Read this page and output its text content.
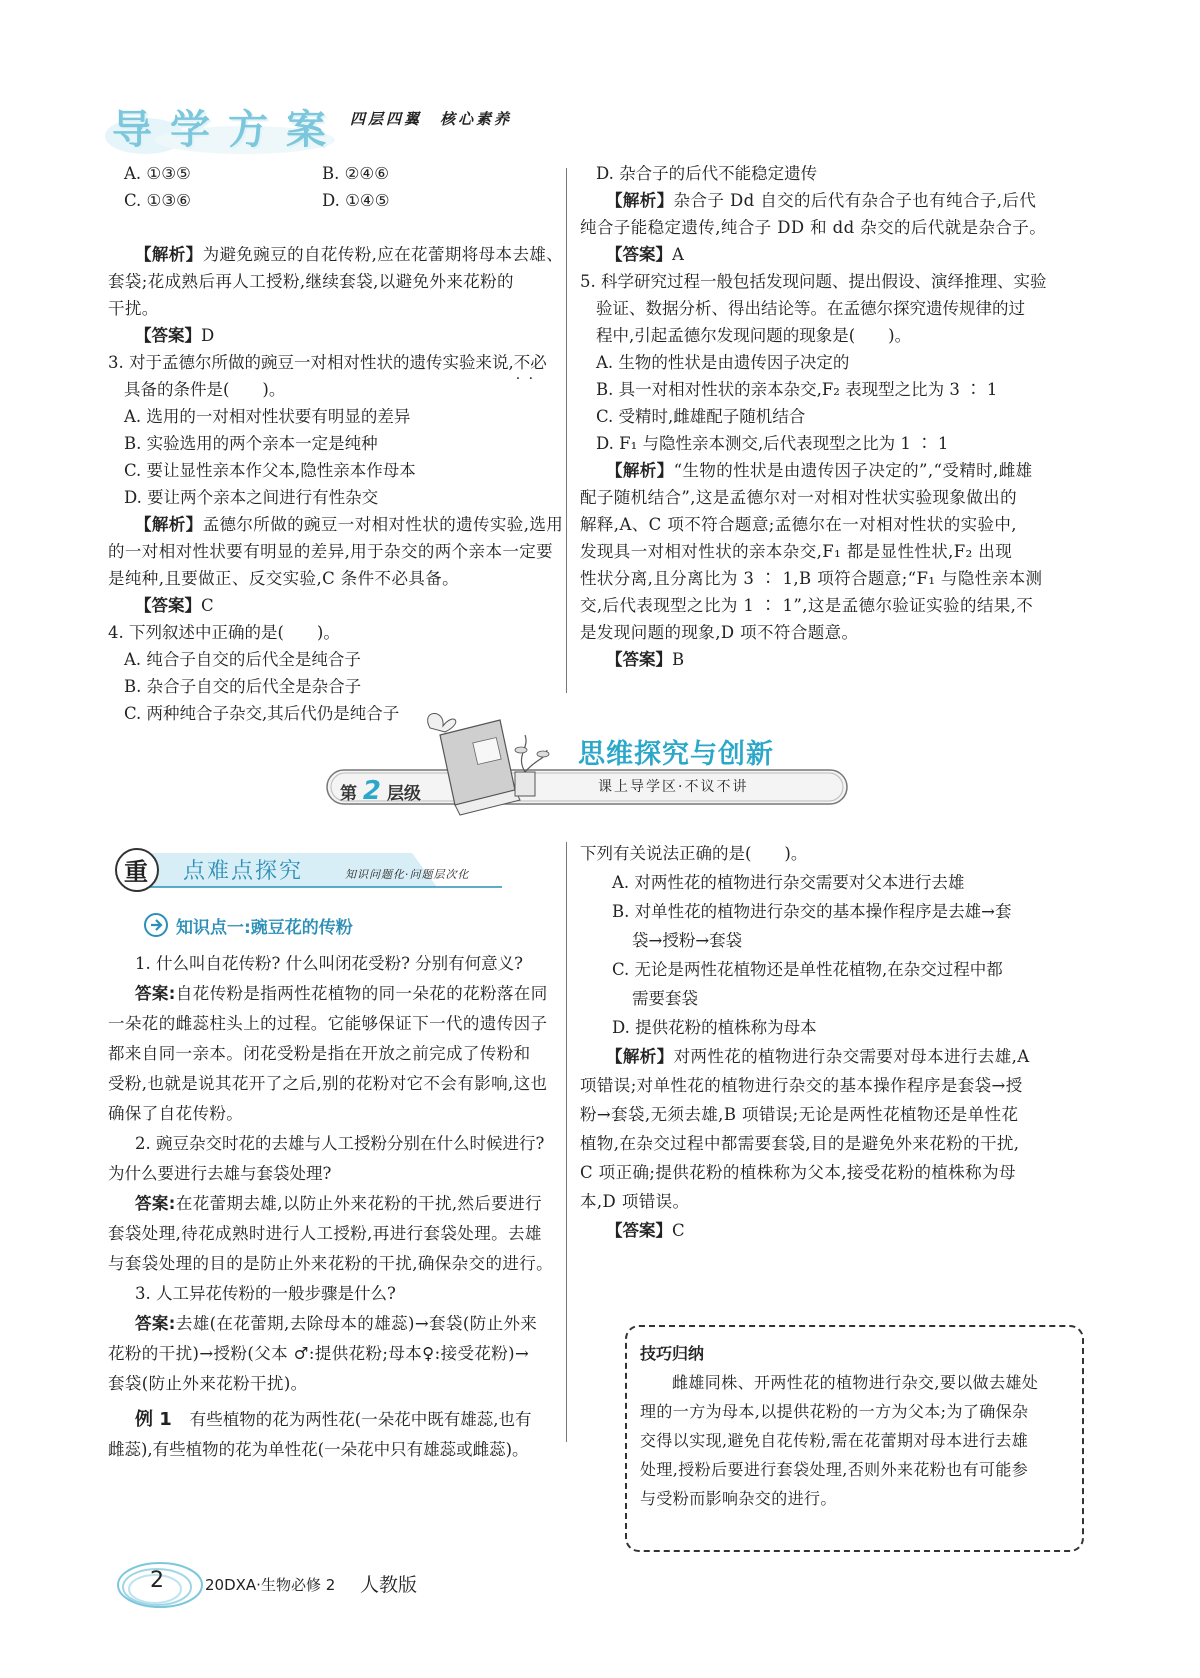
导学方案 四层四翼　核心素养
A. ①③⑤	B. ②④⑥
C. ①③⑥	D. ①④⑤
【解析】为避免豌豆的自花传粉,应在花蕾期将母本去雄、
套袋;花成熟后再人工授粉,继续套袋,以避免外来花粉的
干扰。
【答案】D
3. 对于孟德尔所做的豌豆一对相对性状的遗传实验来说,不必 · ·
具备的条件是(　　)。
A. 选用的一对相对性状要有明显的差异
B. 实验选用的两个亲本一定是纯种
C. 要让显性亲本作父本,隐性亲本作母本
D. 要让两个亲本之间进行有性杂交
【解析】孟德尔所做的豌豆一对相对性状的遗传实验,选用
的一对相对性状要有明显的差异,用于杂交的两个亲本一定要
是纯种,且要做正、反交实验,C 条件不必具备。
【答案】C
4. 下列叙述中正确的是(　　)。
A. 纯合子自交的后代全是纯合子
B. 杂合子自交的后代全是杂合子
C. 两种纯合子杂交,其后代仍是纯合子
D. 杂合子的后代不能稳定遗传
【解析】杂合子 Dd 自交的后代有杂合子也有纯合子,后代
纯合子能稳定遗传,纯合子 DD 和 dd 杂交的后代就是杂合子。
【答案】A
5. 科学研究过程一般包括发现问题、提出假设、演绎推理、实验
验证、数据分析、得出结论等。在孟德尔探究遗传规律的过
程中,引起孟德尔发现问题的现象是(　　)。
A. 生物的性状是由遗传因子决定的
B. 具一对相对性状的亲本杂交,F₂ 表现型之比为 3 ∶ 1
C. 受精时,雌雄配子随机结合
D. F₁ 与隐性亲本测交,后代表现型之比为 1 ∶ 1
【解析】“生物的性状是由遗传因子决定的”,“受精时,雌雄
配子随机结合”,这是孟德尔对一对相对性状实验现象做出的
解释,A、C 项不符合题意;孟德尔在一对相对性状的实验中,
发现具一对相对性状的亲本杂交,F₁ 都是显性性状,F₂ 出现
性状分离,且分离比为 3 ∶ 1,B 项符合题意;“F₁ 与隐性亲本测
交,后代表现型之比为 1 ∶ 1”,这是孟德尔验证实验的结果,不
是发现问题的现象,D 项不符合题意。
【答案】B
第 2 层级
思维探究与创新
课上导学区·不议不讲
重 点难点探究	知识问题化·问题层次化
知识点一:豌豆花的传粉
1. 什么叫自花传粉? 什么叫闭花受粉? 分别有何意义?
答案:自花传粉是指两性花植物的同一朵花的花粉落在同
一朵花的雌蕊柱头上的过程。它能够保证下一代的遗传因子
都来自同一亲本。闭花受粉是指在开放之前完成了传粉和
受粉,也就是说其花开了之后,别的花粉对它不会有影响,这也
确保了自花传粉。
2. 豌豆杂交时花的去雄与人工授粉分别在什么时候进行?
为什么要进行去雄与套袋处理?
答案:在花蕾期去雄,以防止外来花粉的干扰,然后要进行
套袋处理,待花成熟时进行人工授粉,再进行套袋处理。去雄
与套袋处理的目的是防止外来花粉的干扰,确保杂交的进行。
3. 人工异花传粉的一般步骤是什么?
答案:去雄(在花蕾期,去除母本的雄蕊)→套袋(防止外来
花粉的干扰)→授粉(父本 ♂:提供花粉;母本♀:接受花粉)→
套袋(防止外来花粉干扰)。
例 1 有些植物的花为两性花(一朵花中既有雄蕊,也有
雌蕊),有些植物的花为单性花(一朵花中只有雄蕊或雌蕊)。
下列有关说法正确的是(　　)。
A. 对两性花的植物进行杂交需要对父本进行去雄
B. 对单性花的植物进行杂交的基本操作程序是去雄→套
袋→授粉→套袋
C. 无论是两性花植物还是单性花植物,在杂交过程中都
需要套袋
D. 提供花粉的植株称为母本
【解析】对两性花的植物进行杂交需要对母本进行去雄,A
项错误;对单性花的植物进行杂交的基本操作程序是套袋→授
粉→套袋,无须去雄,B 项错误;无论是两性花植物还是单性花
植物,在杂交过程中都需要套袋,目的是避免外来花粉的干扰,
C 项正确;提供花粉的植株称为父本,接受花粉的植株称为母
本,D 项错误。
【答案】C
技巧归纳
雌雄同株、开两性花的植物进行杂交,要以做去雄处
理的一方为母本,以提供花粉的一方为父本;为了确保杂
交得以实现,避免自花传粉,需在花蕾期对母本进行去雄
处理,授粉后要进行套袋处理,否则外来花粉也有可能参
与受粉而影响杂交的进行。
2	20DXA·生物必修 2 人教版
